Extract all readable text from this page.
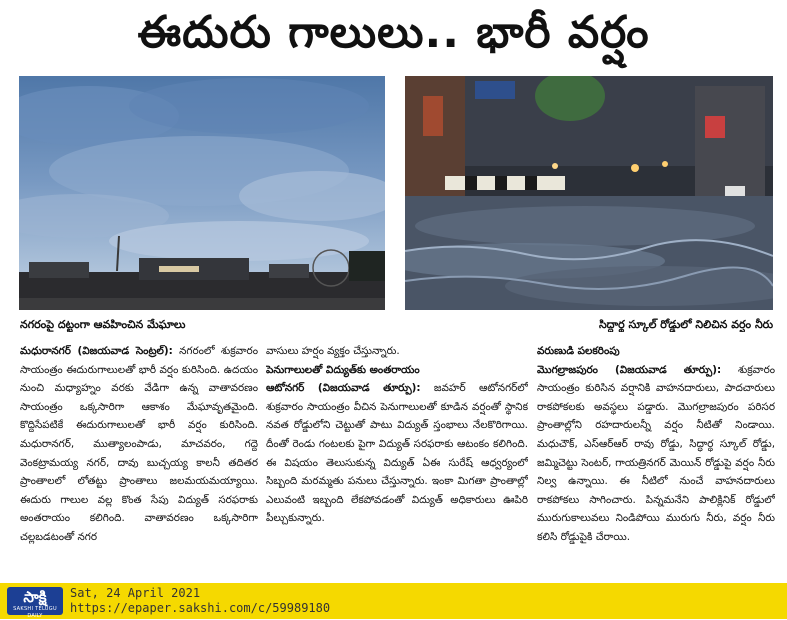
ఈదురు గాలులు.. భారీ వర్షం
నగరంపై దట్టంగా ఆవహించిన మేఘాలు	సిద్ధార్థ స్కూల్ రోడ్డులో నిలిచిన వర్షం నీరు

మధురానగర్ (విజయవాడ సెంట్రల్): నగరంలో శుక్రవారం సాయంత్రం ఈదురుగాలులతో భారీ వర్షం కురిసింది. ఉదయం నుంచి మధ్యాహ్నం వరకు వేడిగా ఉన్న వాతావరణం సాయంత్రం ఒక్కసారిగా ఆకాశం మేఘావృతమైంది. కొద్దిసేపటికే ఈదురుగాలులతో భారీ వర్షం కురిసింది. మధురానగర్, ముత్యాలంపాడు, మాచవరం, గద్దె వెంకట్రామయ్య నగర్, దావు బుచ్చయ్య కాలనీ తదితర ప్రాంతాలలో లోతట్టు ప్రాంతాలు జలమయమయ్యాయి. ఈదురు గాలుల వల్ల కొంత సేపు విద్యుత్ సరఫరాకు అంతరాయం కలిగింది. వాతావరణం ఒక్కసారిగా చల్లబడటంతో నగర

వాసులు హర్షం వ్యక్తం చేస్తున్నారు.

పెనుగాలులతో విద్యుత్‌కు అంతరాయం

ఆటోనగర్ (విజయవాడ తూర్పు): జవహర్ ఆటోనగర్‌లో శుక్రవారం సాయంత్రం వీచిన పెనుగాలులతో కూడిన వర్షంతో స్థానిక నవత రోడ్డులోని చెట్టుతో పాటు విద్యుత్ స్తంభాలు నేలకొరిగాయి. దీంతో రెండు గంటలకు పైగా విద్యుత్ సరఫరాకు ఆటంకం కలిగింది. ఈ విషయం తెలుసుకున్న విద్యుత్ ఏఈ సురేష్ ఆధ్వర్యంలో సిబ్బంది మరమ్మతు పనులు చేస్తున్నారు. ఇంకా మిగతా ప్రాంతాల్లో ఎలువంటి ఇబ్బంది లేకపోవడంతో విద్యుత్ అధికారులు ఊపిరి పీల్చుకున్నారు.

వరుణుడి పలకరింపు

మొగల్రాజపురం (విజయవాడ తూర్పు): శుక్రవారం సాయంత్రం కురిసిన వర్షానికి వాహనదారులు, పాదచారులు రాకపోకలకు అవస్థలు పడ్డారు. మొగల్రాజపురం పరిసర ప్రాంతాల్లోని రహదారులన్నీ వర్షం నీటితో నిండాయి. మధుచౌక్, ఎస్ఆర్ఆర్ రావు రోడ్డు, సిద్ధార్థ స్కూల్ రోడ్డు, జమ్మిచెట్టు సెంటర్, గాయత్రినగర్ మెయిన్ రోడ్డుపై వర్షం నీరు నిల్వ ఉన్నాయి. ఈ నీటిలో నుంచే వాహనదారులు రాకపోకలు సాగించారు. పిన్నమనేని పాలిక్లినిక్ రోడ్డులో మురుగుకాలువలు నిండిపోయి మురుగు నీరు, వర్షం నీరు కలిసి రోడ్డుపైకి చేరాయి.

సాక్షి
SAKSHI TELUGU DAILY
Sat, 24 April 2021
https://epaper.sakshi.com/c/59989180
